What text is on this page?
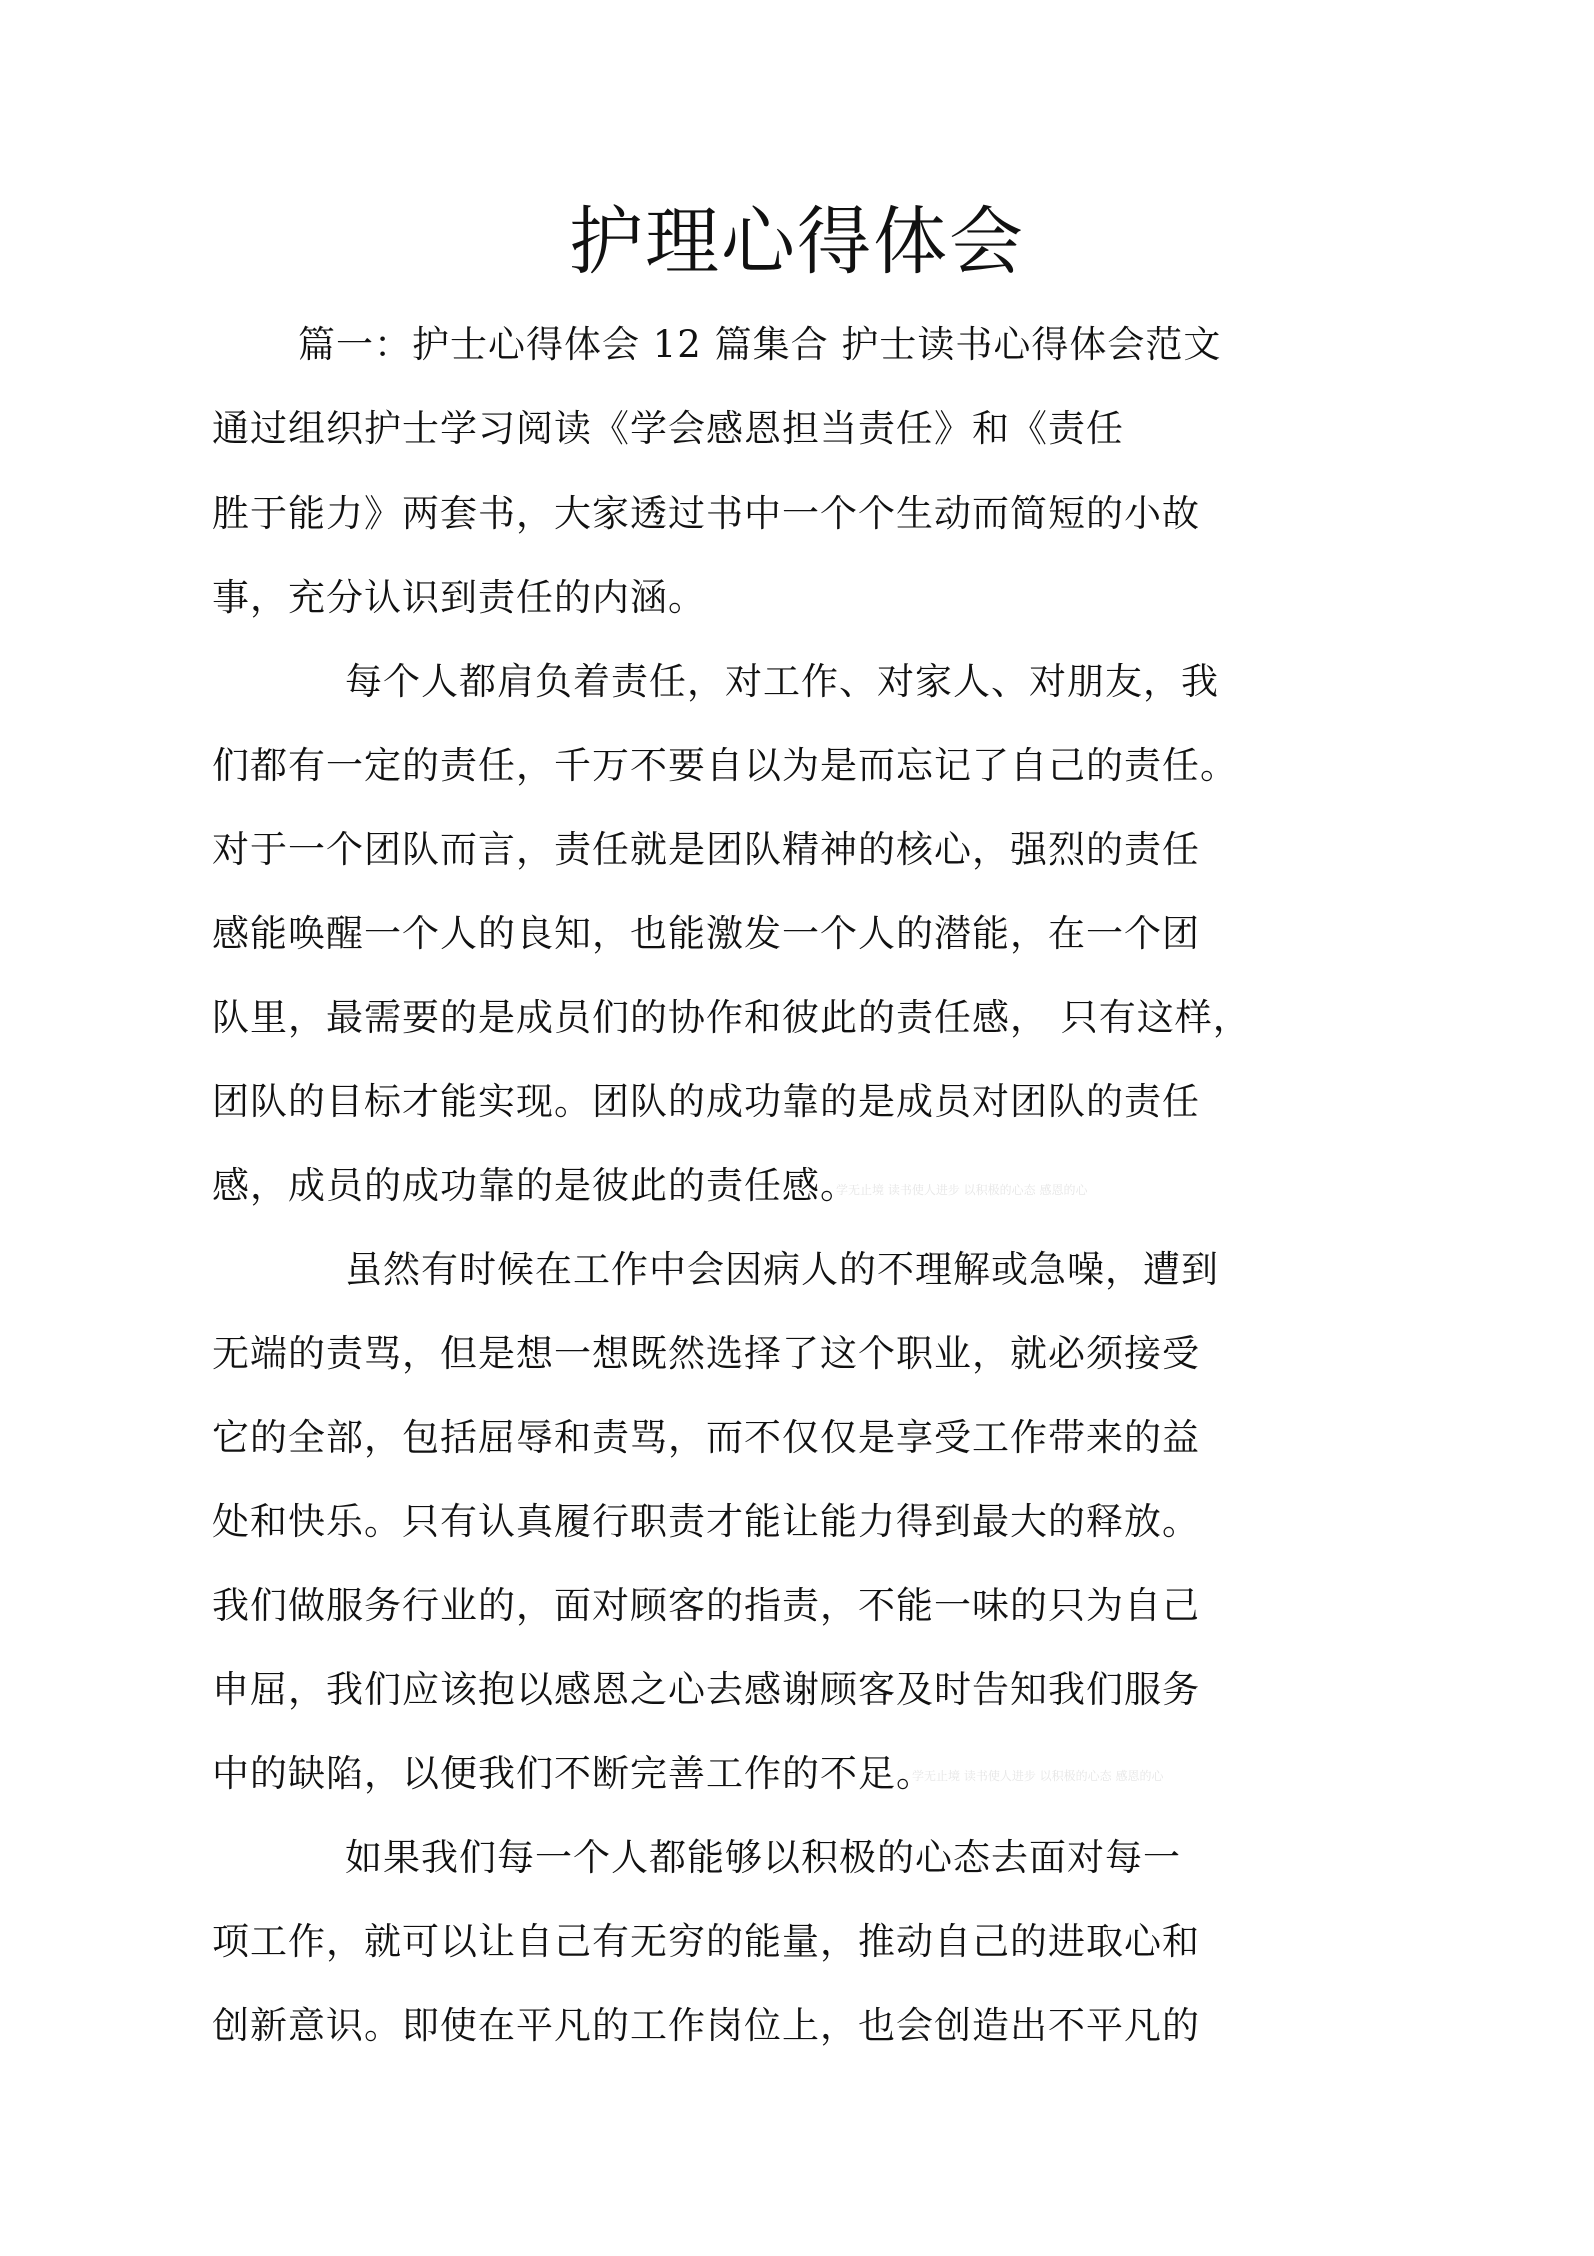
护理心得体会

篇一：护士心得体会 12 篇集合 护士读书心得体会范文

通过组织护士学习阅读《学会感恩担当责任》和《责任

胜于能力》两套书，大家透过书中一个个生动而简短的小故

事，充分认识到责任的内涵。

每个人都肩负着责任，对工作、对家人、对朋友，我

们都有一定的责任，千万不要自以为是而忘记了自己的责任。

对于一个团队而言，责任就是团队精神的核心，强烈的责任

感能唤醒一个人的良知，也能激发一个人的潜能，在一个团

队里，最需要的是成员们的协作和彼此的责任感， 只有这样，

团队的目标才能实现。团队的成功靠的是成员对团队的责任

感，成员的成功靠的是彼此的责任感。

学无止境 读书使人进步 以积极的心态 感恩的心

虽然有时候在工作中会因病人的不理解或急噪，遭到

无端的责骂，但是想一想既然选择了这个职业，就必须接受

它的全部，包括屈辱和责骂，而不仅仅是享受工作带来的益

处和快乐。只有认真履行职责才能让能力得到最大的释放。

我们做服务行业的，面对顾客的指责，不能一味的只为自己

申屈，我们应该抱以感恩之心去感谢顾客及时告知我们服务

中的缺陷，以便我们不断完善工作的不足。

学无止境 读书使人进步 以积极的心态 感恩的心

如果我们每一个人都能够以积极的心态去面对每一

项工作，就可以让自己有无穷的能量，推动自己的进取心和

创新意识。即使在平凡的工作岗位上，也会创造出不平凡的
